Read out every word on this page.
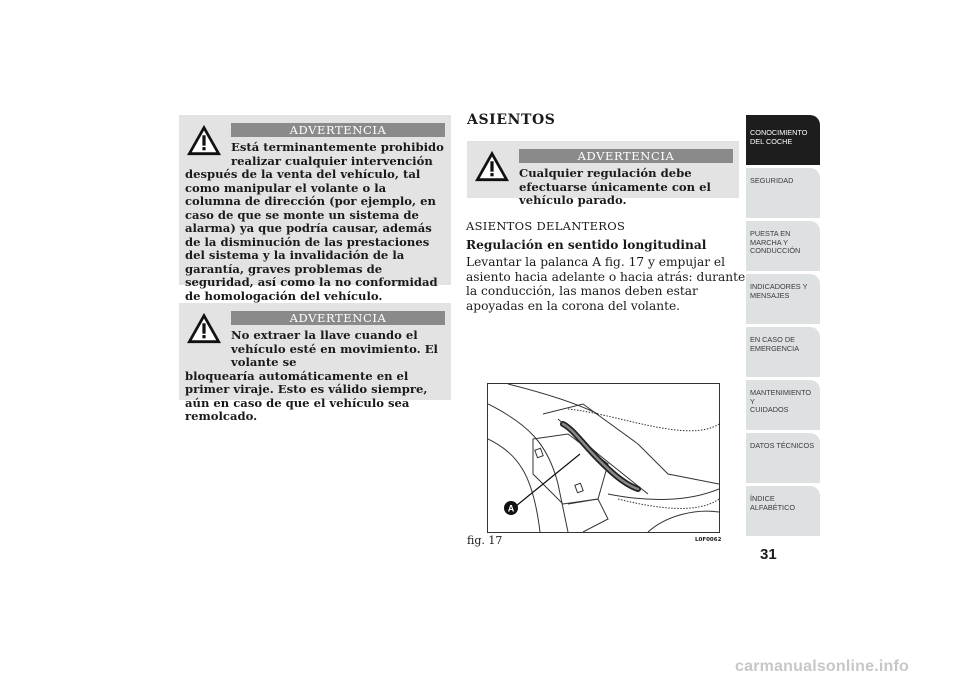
ADVERTENCIA
Está terminantemente prohibido realizar cualquier intervención
después de la venta del vehículo, tal como manipular el volante o la columna de dirección (por ejemplo, en caso de que se monte un sistema de alarma) ya que podría causar, además de la disminución de las prestaciones del sistema y la invalidación de la garantía, graves problemas de seguridad, así como la no conformidad de homologación del vehículo.
ADVERTENCIA
No extraer la llave cuando el vehículo esté en movimiento. El volante se
bloquearía automáticamente en el primer viraje. Esto es válido siempre, aún en caso de que el vehículo sea remolcado.
ASIENTOS
ADVERTENCIA
Cualquier regulación debe efectuarse únicamente con el vehículo parado.
ASIENTOS DELANTEROS
Regulación en sentido longitudinal
Levantar la palanca A fig. 17 y empujar el asiento hacia adelante o hacia atrás: durante la conducción, las manos deben estar apoyadas en la corona del volante.
A
fig. 17	L0F0062
CONOCIMIENTO
DEL COCHE
SEGURIDAD
PUESTA EN
MARCHA Y
CONDUCCIÓN
INDICADORES Y
MENSAJES
EN CASO DE
EMERGENCIA
MANTENIMIENTO Y
CUIDADOS
DATOS TÉCNICOS
ÍNDICE
ALFABÉTICO
31
carmanualsonline.info
